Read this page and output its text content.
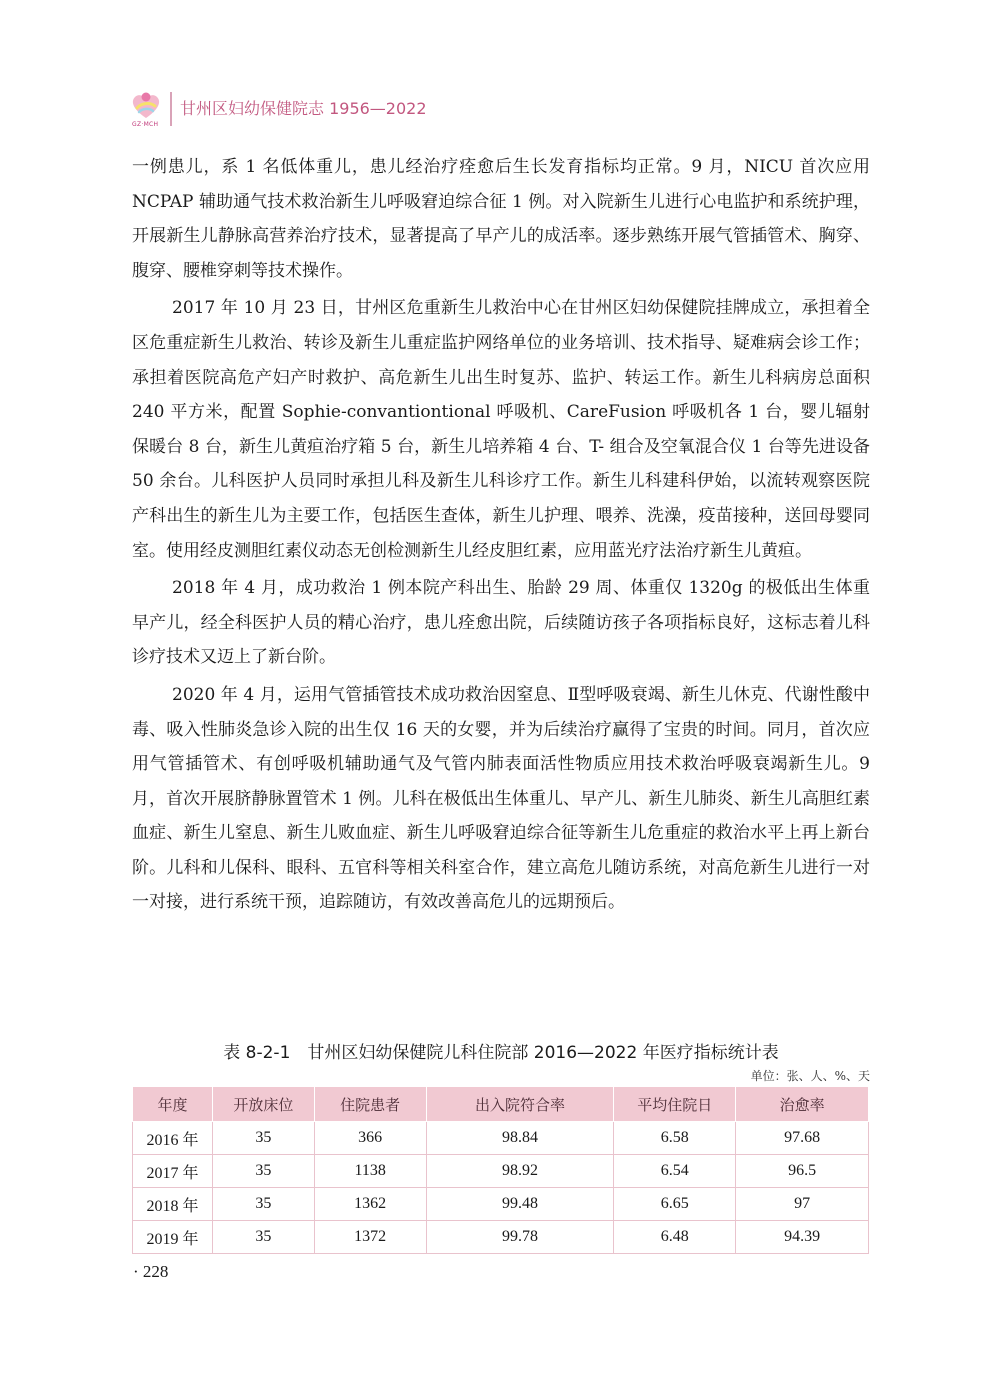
GZ·MCH
甘州区妇幼保健院志 1956—2022

一例患儿，系 1 名低体重儿，患儿经治疗痊愈后生长发育指标均正常。9 月，NICU 首次应用 NCPAP 辅助通气技术救治新生儿呼吸窘迫综合征 1 例。对入院新生儿进行心电监护和系统护理，开展新生儿静脉高营养治疗技术，显著提高了早产儿的成活率。逐步熟练开展气管插管术、胸穿、腹穿、腰椎穿刺等技术操作。

2017 年 10 月 23 日，甘州区危重新生儿救治中心在甘州区妇幼保健院挂牌成立，承担着全区危重症新生儿救治、转诊及新生儿重症监护网络单位的业务培训、技术指导、疑难病会诊工作；承担着医院高危产妇产时救护、高危新生儿出生时复苏、监护、转运工作。新生儿科病房总面积 240 平方米，配置 Sophie-convantiontional 呼吸机、CareFusion 呼吸机各 1 台，婴儿辐射保暖台 8 台，新生儿黄疸治疗箱 5 台，新生儿培养箱 4 台、T- 组合及空氧混合仪 1 台等先进设备 50 余台。儿科医护人员同时承担儿科及新生儿科诊疗工作。新生儿科建科伊始，以流转观察医院产科出生的新生儿为主要工作，包括医生查体，新生儿护理、喂养、洗澡，疫苗接种，送回母婴同室。使用经皮测胆红素仪动态无创检测新生儿经皮胆红素，应用蓝光疗法治疗新生儿黄疸。

2018 年 4 月，成功救治 1 例本院产科出生、胎龄 29 周、体重仅 1320g 的极低出生体重早产儿，经全科医护人员的精心治疗，患儿痊愈出院，后续随访孩子各项指标良好，这标志着儿科诊疗技术又迈上了新台阶。

2020 年 4 月，运用气管插管技术成功救治因窒息、Ⅱ型呼吸衰竭、新生儿休克、代谢性酸中毒、吸入性肺炎急诊入院的出生仅 16 天的女婴，并为后续治疗赢得了宝贵的时间。同月，首次应用气管插管术、有创呼吸机辅助通气及气管内肺表面活性物质应用技术救治呼吸衰竭新生儿。9 月，首次开展脐静脉置管术 1 例。儿科在极低出生体重儿、早产儿、新生儿肺炎、新生儿高胆红素血症、新生儿窒息、新生儿败血症、新生儿呼吸窘迫综合征等新生儿危重症的救治水平上再上新台阶。儿科和儿保科、眼科、五官科等相关科室合作，建立高危儿随访系统，对高危新生儿进行一对一对接，进行系统干预，追踪随访，有效改善高危儿的远期预后。

表 8-2-1　甘州区妇幼保健院儿科住院部 2016—2022 年医疗指标统计表
单位：张、人、%、天
年度	开放床位	住院患者	出入院符合率	平均住院日	治愈率
2016 年	35	366	98.84	6.58	97.68
2017 年	35	1138	98.92	6.54	96.5
2018 年	35	1362	99.48	6.65	97
2019 年	35	1372	99.78	6.48	94.39
· 228
